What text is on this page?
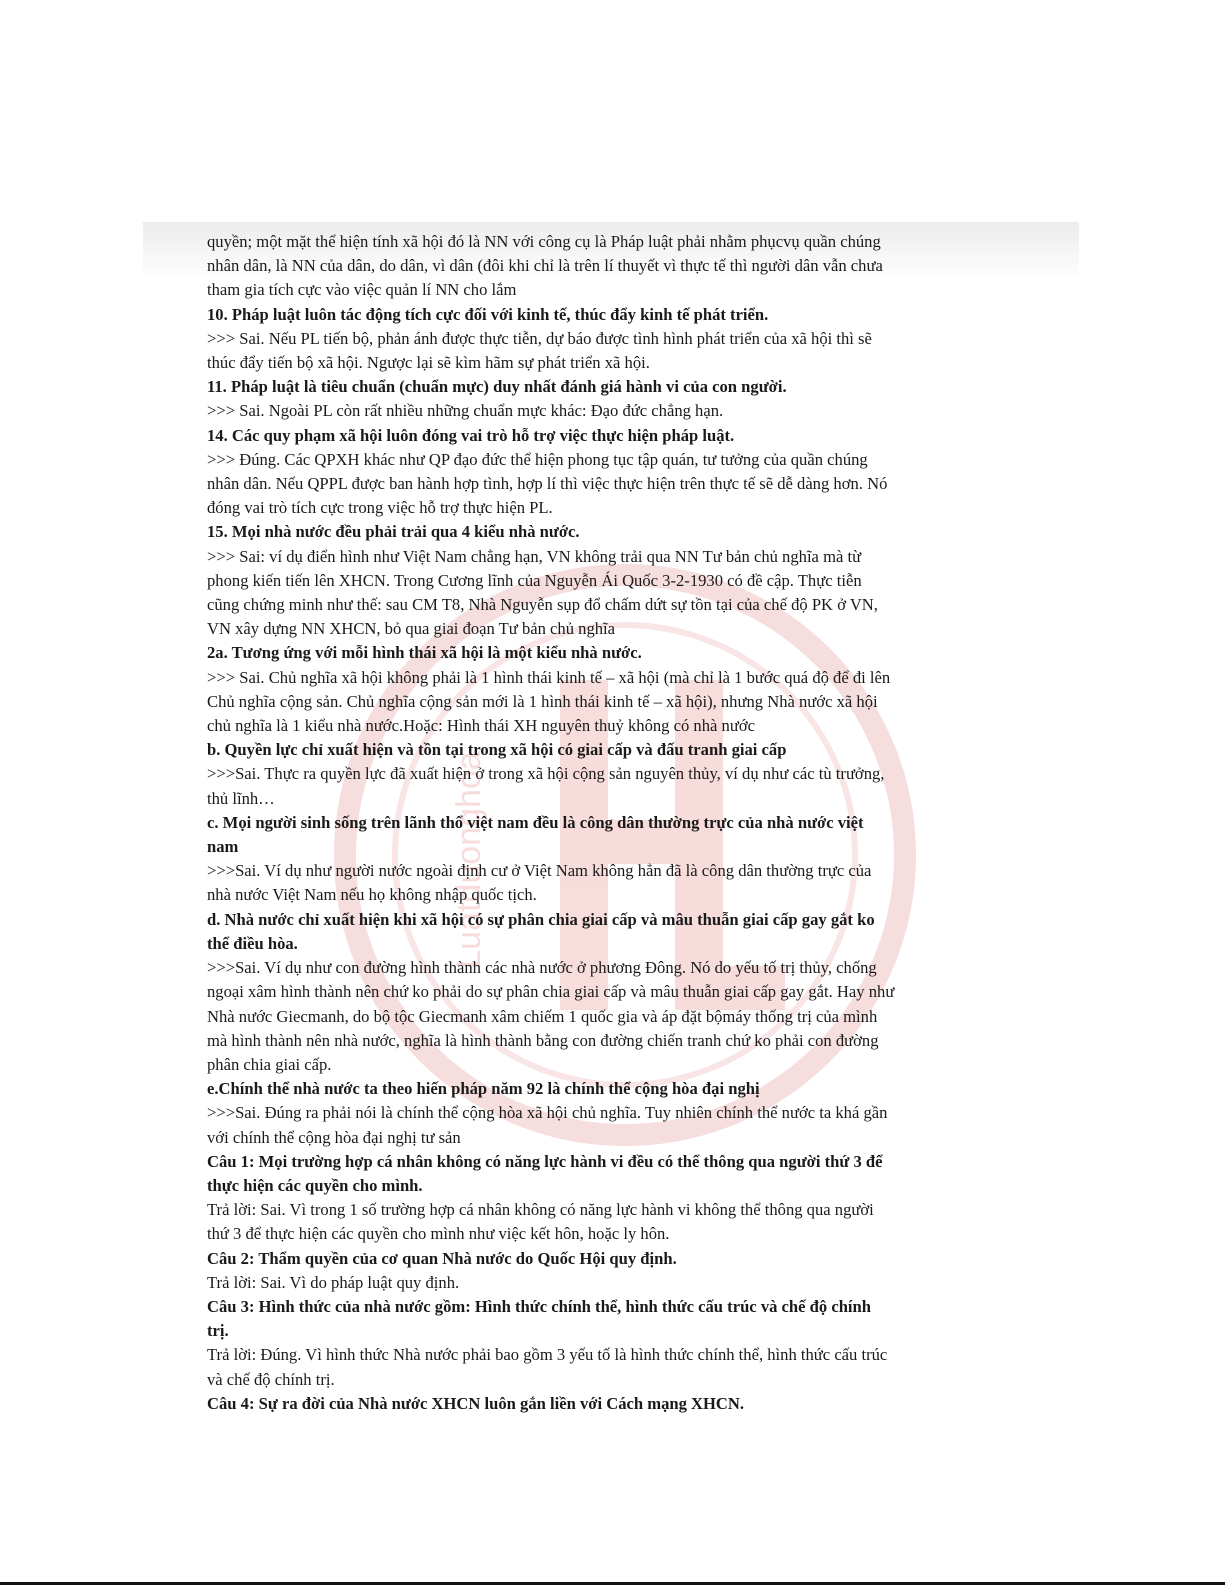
Luatduonghoa

quyền; một mặt thể hiện tính xã hội đó là NN với công cụ là Pháp luật phải nhằm phụcvụ quần chúng

nhân dân, là NN của dân, do dân, vì dân (đôi khi chỉ là trên lí thuyết vì thực tế thì người dân vẫn chưa

tham gia tích cực vào việc quản lí NN cho lắm

10. Pháp luật luôn tác động tích cực đối với kinh tế, thúc đẩy kinh tế phát triển.

>>> Sai. Nếu PL tiến bộ, phản ánh được thực tiễn, dự báo được tình hình phát triển của xã hội thì sẽ

thúc đẩy tiến bộ xã hội. Ngược lại sẽ kìm hãm sự phát triển xã hội.

11. Pháp luật là tiêu chuẩn (chuẩn mực) duy nhất đánh giá hành vi của con người.

>>> Sai. Ngoài PL còn rất nhiều những chuẩn mực khác: Đạo đức chẳng hạn.

14. Các quy phạm xã hội luôn đóng vai trò hỗ trợ việc thực hiện pháp luật.

>>> Đúng. Các QPXH khác như QP đạo đức thể hiện phong tục tập quán, tư tưởng của quần chúng

nhân dân. Nếu QPPL được ban hành hợp tình, hợp lí thì việc thực hiện trên thực tế sẽ dễ dàng hơn. Nó

đóng vai trò tích cực trong việc hỗ trợ thực hiện PL.

15. Mọi nhà nước đều phải trải qua 4 kiểu nhà nước.

>>> Sai: ví dụ điển hình như Việt Nam chẳng hạn, VN không trải qua NN Tư bản chủ nghĩa mà từ

phong kiến tiến lên XHCN. Trong Cương lĩnh của Nguyễn Ái Quốc 3-2-1930 có đề cập. Thực tiễn

cũng chứng minh như thế: sau CM T8, Nhà Nguyễn sụp đổ chấm dứt sự tồn tại của chế độ PK ở VN,

VN xây dựng NN XHCN, bỏ qua giai đoạn Tư bản chủ nghĩa

2a. Tương ứng với mỗi hình thái xã hội là một kiểu nhà nước.

>>> Sai. Chủ nghĩa xã hội không phải là 1 hình thái kinh tế – xã hội (mà chỉ là 1 bước quá độ để đi lên

Chủ nghĩa cộng sản. Chủ nghĩa cộng sản mới là 1 hình thái kinh tế – xã hội), nhưng Nhà nước xã hội

chủ nghĩa là 1 kiểu nhà nước.Hoặc: Hình thái XH nguyên thuỷ không có nhà nước

b. Quyền lực chỉ xuất hiện và tồn tại trong xã hội có giai cấp và đấu tranh giai cấp

>>>Sai. Thực ra quyền lực đã xuất hiện ở trong xã hội cộng sản nguyên thủy, ví dụ như các tù trưởng,

thủ lĩnh…

c. Mọi người sinh sống trên lãnh thổ việt nam đều là công dân thường trực của nhà nước việt

nam

>>>Sai. Ví dụ như người nước ngoài định cư ở Việt Nam không hẳn đã là công dân thường trực của

nhà nước Việt Nam nếu họ không nhập quốc tịch.

d. Nhà nước chỉ xuất hiện khi xã hội có sự phân chia giai cấp và mâu thuẫn giai cấp gay gắt ko

thể điều hòa.

>>>Sai. Ví dụ như con đường hình thành các nhà nước ở phương Đông. Nó do yếu tố trị thủy, chống

ngoại xâm hình thành nên chứ ko phải do sự phân chia giai cấp và mâu thuẫn giai cấp gay gắt. Hay như

Nhà nước Giecmanh, do bộ tộc Giecmanh xâm chiếm 1 quốc gia và áp đặt bộmáy thống trị của mình

mà hình thành nên nhà nước, nghĩa là hình thành bằng con đường chiến tranh chứ ko phải con đường

phân chia giai cấp.

e.Chính thể nhà nước ta theo hiến pháp năm 92 là chính thể cộng hòa đại nghị

>>>Sai. Đúng ra phải nói là chính thể cộng hòa xã hội chủ nghĩa. Tuy nhiên chính thể nước ta khá gần

với chính thể cộng hòa đại nghị tư sản

Câu 1: Mọi trường hợp cá nhân không có năng lực hành vi đều có thể thông qua người thứ 3 để

thực hiện các quyền cho mình.

Trả lời: Sai. Vì trong 1 số trường hợp cá nhân không có năng lực hành vi không thể thông qua người

thứ 3 để thực hiện các quyền cho mình như việc kết hôn, hoặc ly hôn.

Câu 2: Thẩm quyền của cơ quan Nhà nước do Quốc Hội quy định.

Trả lời: Sai. Vì do pháp luật quy định.

Câu 3: Hình thức của nhà nước gồm: Hình thức chính thể, hình thức cấu trúc và chế độ chính

trị.

Trả lời: Đúng. Vì hình thức Nhà nước phải bao gồm 3 yếu tố là hình thức chính thể, hình thức cấu trúc

và chế độ chính trị.

Câu 4: Sự ra đời của Nhà nước XHCN luôn gắn liền với Cách mạng XHCN.
